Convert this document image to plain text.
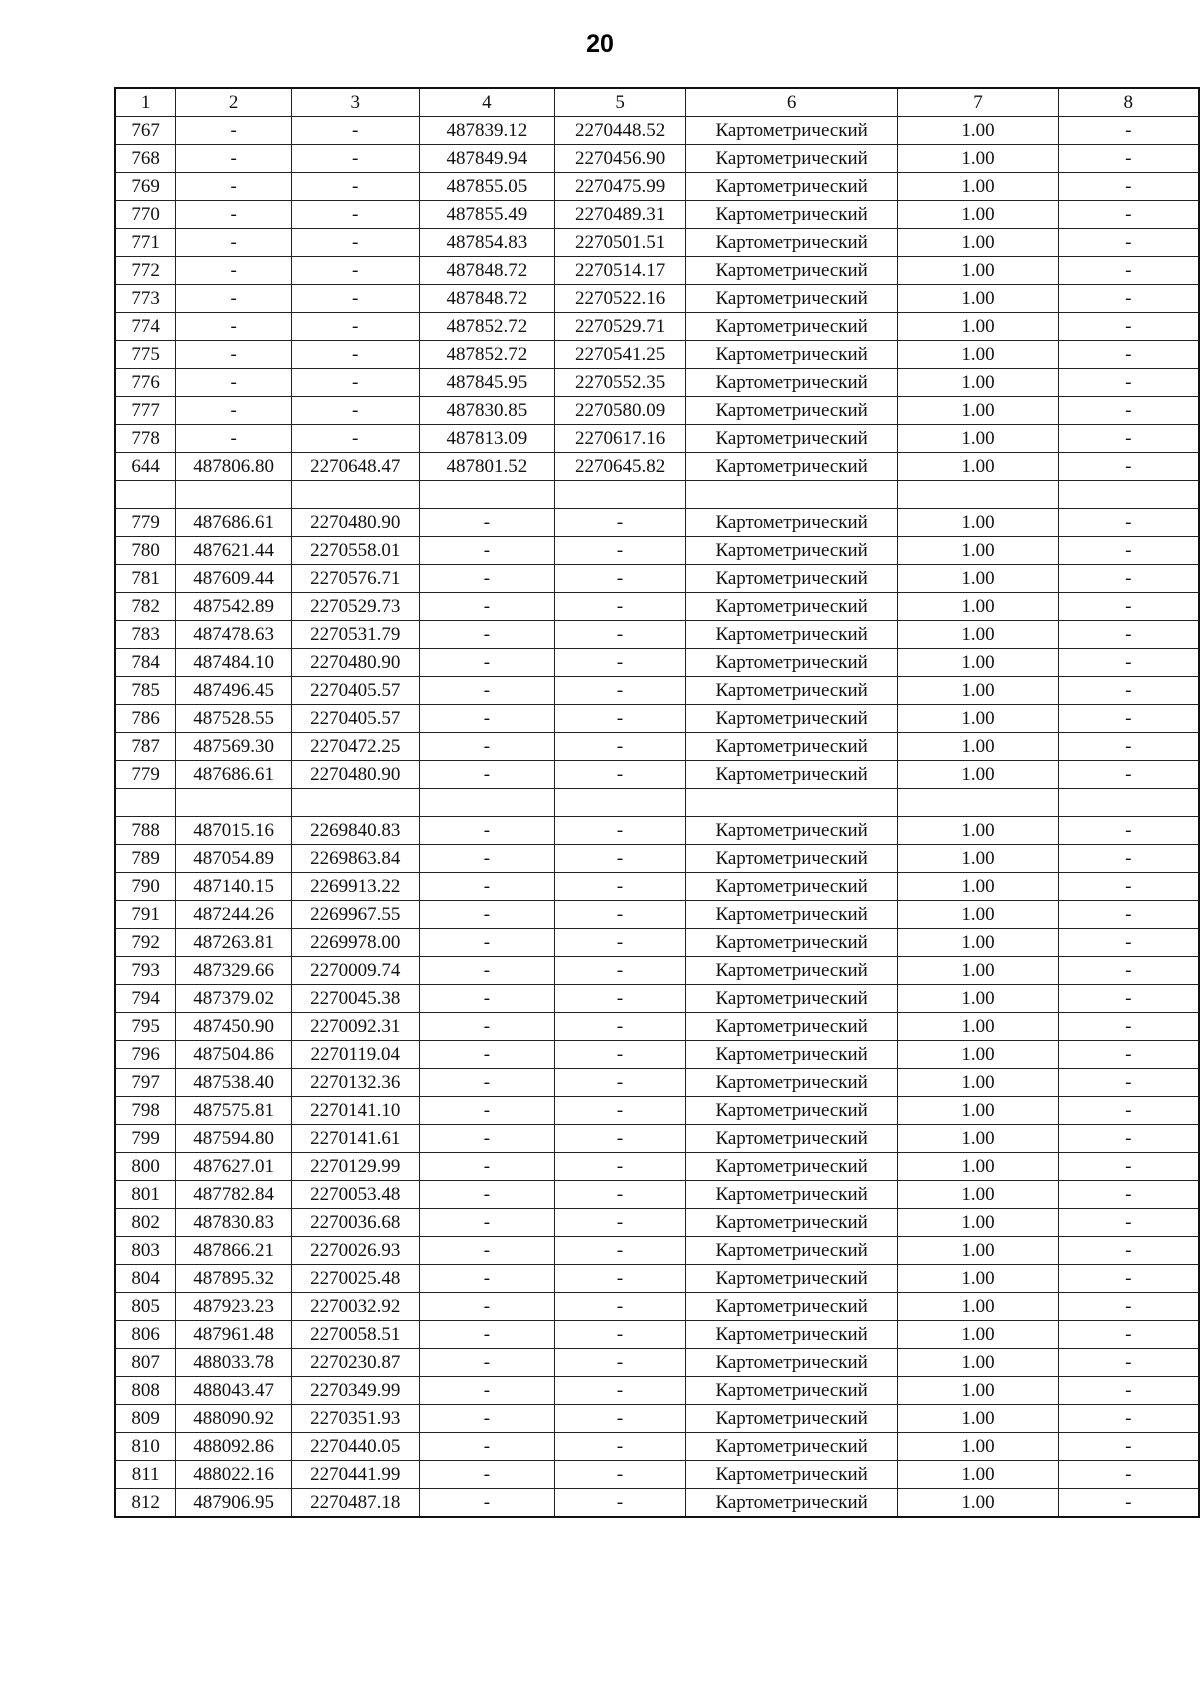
20
1	2	3	4	5	6	7	8
767	-	-	487839.12	2270448.52	Картометрический	1.00	-
768	-	-	487849.94	2270456.90	Картометрический	1.00	-
769	-	-	487855.05	2270475.99	Картометрический	1.00	-
770	-	-	487855.49	2270489.31	Картометрический	1.00	-
771	-	-	487854.83	2270501.51	Картометрический	1.00	-
772	-	-	487848.72	2270514.17	Картометрический	1.00	-
773	-	-	487848.72	2270522.16	Картометрический	1.00	-
774	-	-	487852.72	2270529.71	Картометрический	1.00	-
775	-	-	487852.72	2270541.25	Картометрический	1.00	-
776	-	-	487845.95	2270552.35	Картометрический	1.00	-
777	-	-	487830.85	2270580.09	Картометрический	1.00	-
778	-	-	487813.09	2270617.16	Картометрический	1.00	-
644	487806.80	2270648.47	487801.52	2270645.82	Картометрический	1.00	-

779	487686.61	2270480.90	-	-	Картометрический	1.00	-
780	487621.44	2270558.01	-	-	Картометрический	1.00	-
781	487609.44	2270576.71	-	-	Картометрический	1.00	-
782	487542.89	2270529.73	-	-	Картометрический	1.00	-
783	487478.63	2270531.79	-	-	Картометрический	1.00	-
784	487484.10	2270480.90	-	-	Картометрический	1.00	-
785	487496.45	2270405.57	-	-	Картометрический	1.00	-
786	487528.55	2270405.57	-	-	Картометрический	1.00	-
787	487569.30	2270472.25	-	-	Картометрический	1.00	-
779	487686.61	2270480.90	-	-	Картометрический	1.00	-

788	487015.16	2269840.83	-	-	Картометрический	1.00	-
789	487054.89	2269863.84	-	-	Картометрический	1.00	-
790	487140.15	2269913.22	-	-	Картометрический	1.00	-
791	487244.26	2269967.55	-	-	Картометрический	1.00	-
792	487263.81	2269978.00	-	-	Картометрический	1.00	-
793	487329.66	2270009.74	-	-	Картометрический	1.00	-
794	487379.02	2270045.38	-	-	Картометрический	1.00	-
795	487450.90	2270092.31	-	-	Картометрический	1.00	-
796	487504.86	2270119.04	-	-	Картометрический	1.00	-
797	487538.40	2270132.36	-	-	Картометрический	1.00	-
798	487575.81	2270141.10	-	-	Картометрический	1.00	-
799	487594.80	2270141.61	-	-	Картометрический	1.00	-
800	487627.01	2270129.99	-	-	Картометрический	1.00	-
801	487782.84	2270053.48	-	-	Картометрический	1.00	-
802	487830.83	2270036.68	-	-	Картометрический	1.00	-
803	487866.21	2270026.93	-	-	Картометрический	1.00	-
804	487895.32	2270025.48	-	-	Картометрический	1.00	-
805	487923.23	2270032.92	-	-	Картометрический	1.00	-
806	487961.48	2270058.51	-	-	Картометрический	1.00	-
807	488033.78	2270230.87	-	-	Картометрический	1.00	-
808	488043.47	2270349.99	-	-	Картометрический	1.00	-
809	488090.92	2270351.93	-	-	Картометрический	1.00	-
810	488092.86	2270440.05	-	-	Картометрический	1.00	-
811	488022.16	2270441.99	-	-	Картометрический	1.00	-
812	487906.95	2270487.18	-	-	Картометрический	1.00	-
